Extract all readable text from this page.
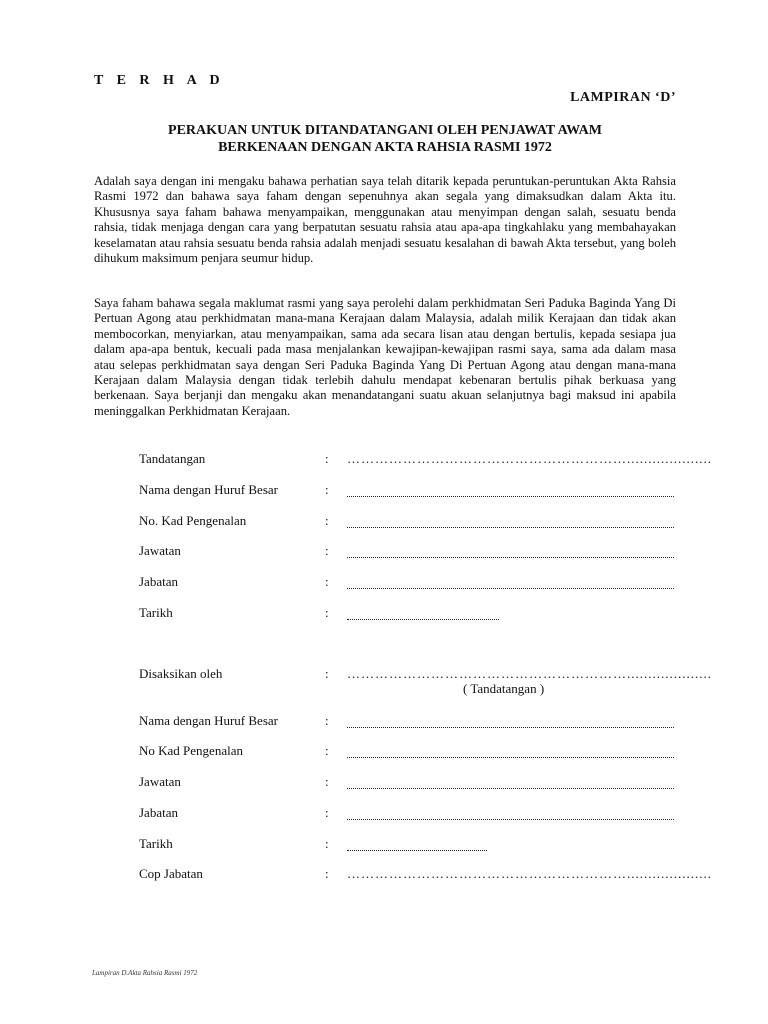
T E R H A D
LAMPIRAN ‘D’
PERAKUAN UNTUK DITANDATANGANI OLEH PENJAWAT AWAM
BERKENAAN DENGAN AKTA RAHSIA RASMI 1972

Adalah saya dengan ini mengaku bahawa perhatian saya telah ditarik kepada peruntukan-peruntukan Akta Rahsia Rasmi 1972 dan bahawa saya faham dengan sepenuhnya akan segala yang dimaksudkan dalam Akta itu. Khususnya saya faham bahawa menyampaikan, menggunakan atau menyimpan dengan salah, sesuatu benda rahsia, tidak menjaga dengan cara yang berpatutan sesuatu rahsia atau apa-apa tingkahlaku yang membahayakan keselamatan atau rahsia sesuatu benda rahsia adalah menjadi sesuatu kesalahan di bawah Akta tersebut, yang boleh dihukum maksimum penjara seumur hidup.

Saya faham bahawa segala maklumat rasmi yang saya perolehi dalam perkhidmatan Seri Paduka Baginda Yang Di Pertuan Agong atau perkhidmatan mana-mana Kerajaan dalam Malaysia, adalah milik Kerajaan dan tidak akan membocorkan, menyiarkan, atau menyampaikan, sama ada secara lisan atau dengan bertulis, kepada sesiapa jua dalam apa-apa bentuk, kecuali pada masa menjalankan kewajipan-kewajipan rasmi saya, sama ada dalam masa atau selepas perkhidmatan saya dengan Seri Paduka Baginda Yang Di Pertuan Agong atau dengan mana-mana Kerajaan dalam Malaysia dengan tidak terlebih dahulu mendapat kebenaran bertulis pihak berkuasa yang berkenaan. Saya berjanji dan mengaku akan menandatangani suatu akuan selanjutnya bagi maksud ini apabila meninggalkan Perkhidmatan Kerajaan.

Tandatangan	: ……………………………………………………....................
Nama dengan Huruf Besar	:
No. Kad Pengenalan	:
Jawatan	:
Jabatan	:
Tarikh	:
Disaksikan oleh	: ……………………………………………………....................
( Tandatangan )
Nama dengan Huruf Besar	:
No Kad Pengenalan	:
Jawatan	:
Jabatan	:
Tarikh	:
Cop Jabatan	: ……………………………………………………....................
Lampiran D.Akta Rahsia Rasmi 1972
